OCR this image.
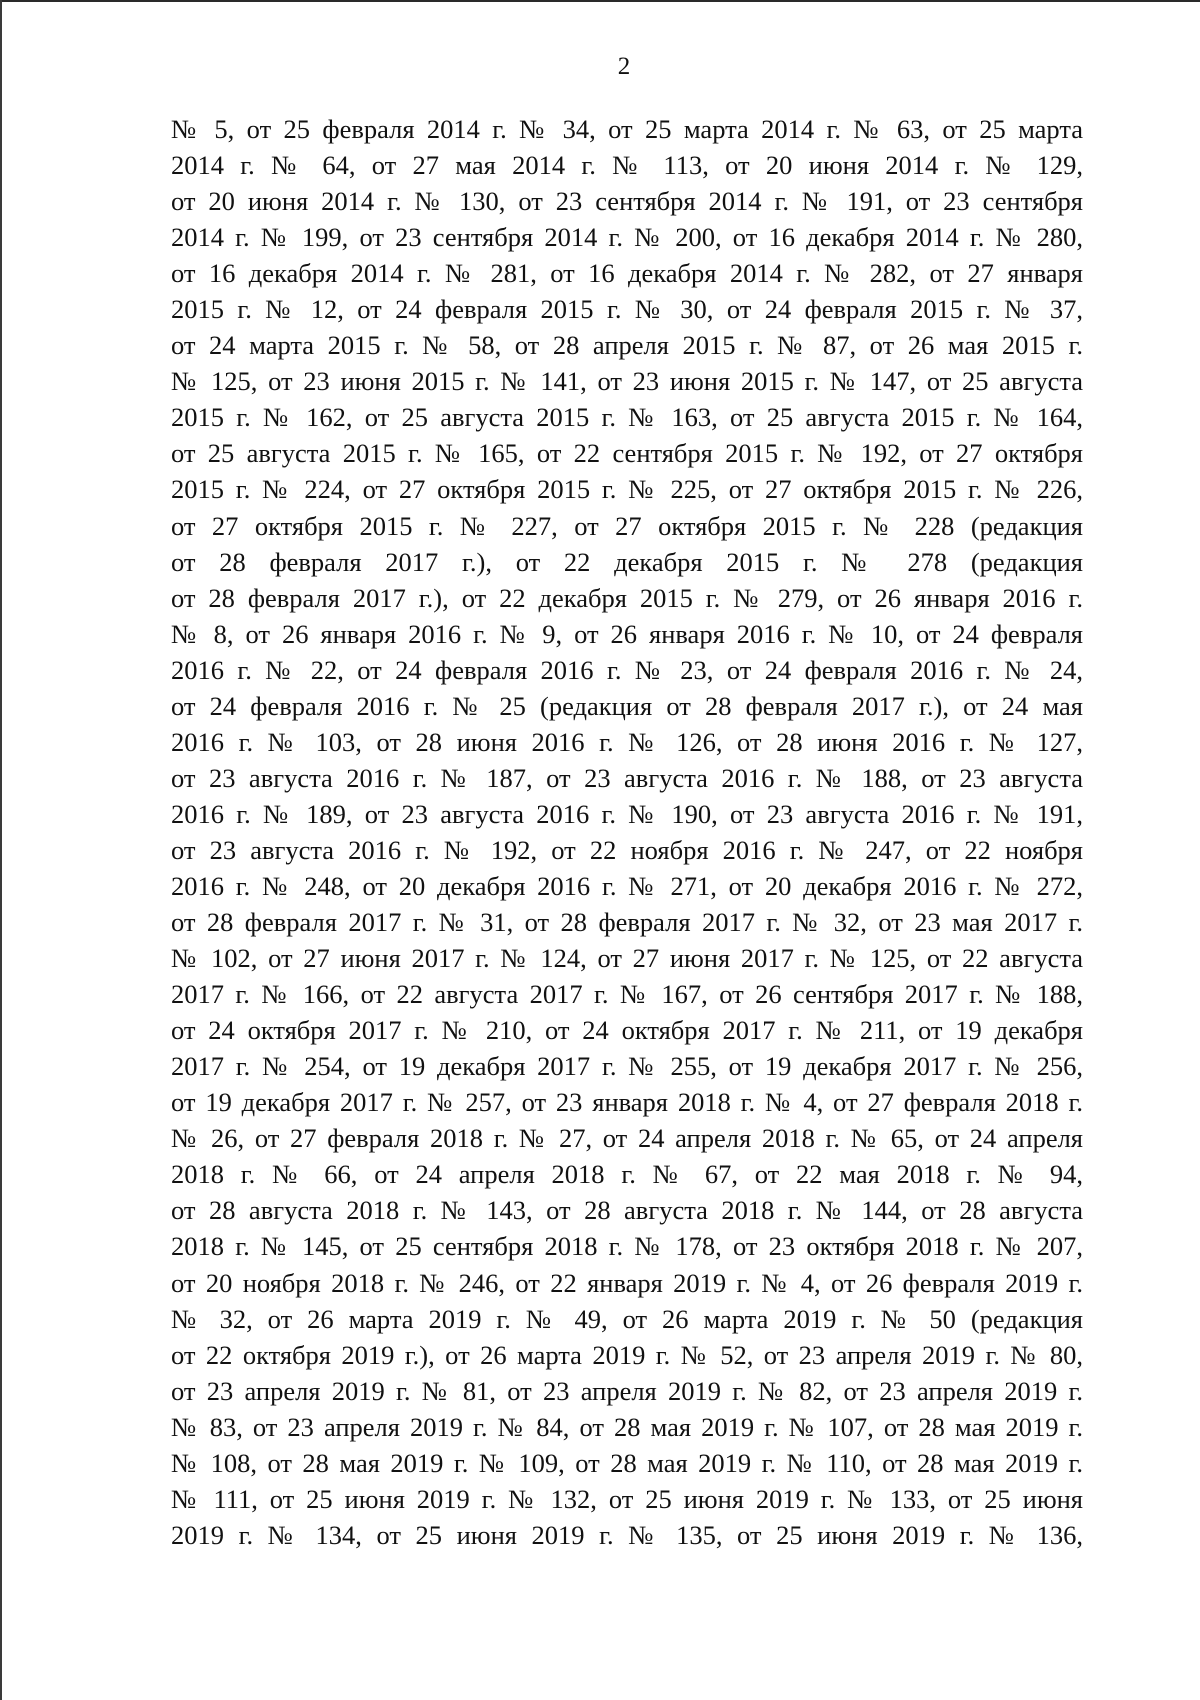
2
№ 5, от 25 февраля 2014 г. № 34, от 25 марта 2014 г. № 63, от 25 марта
2014 г. № 64, от 27 мая 2014 г. № 113, от 20 июня 2014 г. № 129,
от 20 июня 2014 г. № 130, от 23 сентября 2014 г. № 191, от 23 сентября
2014 г. № 199, от 23 сентября 2014 г. № 200, от 16 декабря 2014 г. № 280,
от 16 декабря 2014 г. № 281, от 16 декабря 2014 г. № 282, от 27 января
2015 г. № 12, от 24 февраля 2015 г. № 30, от 24 февраля 2015 г. № 37,
от 24 марта 2015 г. № 58, от 28 апреля 2015 г. № 87, от 26 мая 2015 г.
№ 125, от 23 июня 2015 г. № 141, от 23 июня 2015 г. № 147, от 25 августа
2015 г. № 162, от 25 августа 2015 г. № 163, от 25 августа 2015 г. № 164,
от 25 августа 2015 г. № 165, от 22 сентября 2015 г. № 192, от 27 октября
2015 г. № 224, от 27 октября 2015 г. № 225, от 27 октября 2015 г. № 226,
от 27 октября 2015 г. № 227, от 27 октября 2015 г. № 228 (редакция
от 28 февраля 2017 г.), от 22 декабря 2015 г. № 278 (редакция
от 28 февраля 2017 г.), от 22 декабря 2015 г. № 279, от 26 января 2016 г.
№ 8, от 26 января 2016 г. № 9, от 26 января 2016 г. № 10, от 24 февраля
2016 г. № 22, от 24 февраля 2016 г. № 23, от 24 февраля 2016 г. № 24,
от 24 февраля 2016 г. № 25 (редакция от 28 февраля 2017 г.), от 24 мая
2016 г. № 103, от 28 июня 2016 г. № 126, от 28 июня 2016 г. № 127,
от 23 августа 2016 г. № 187, от 23 августа 2016 г. № 188, от 23 августа
2016 г. № 189, от 23 августа 2016 г. № 190, от 23 августа 2016 г. № 191,
от 23 августа 2016 г. № 192, от 22 ноября 2016 г. № 247, от 22 ноября
2016 г. № 248, от 20 декабря 2016 г. № 271, от 20 декабря 2016 г. № 272,
от 28 февраля 2017 г. № 31, от 28 февраля 2017 г. № 32, от 23 мая 2017 г.
№ 102, от 27 июня 2017 г. № 124, от 27 июня 2017 г. № 125, от 22 августа
2017 г. № 166, от 22 августа 2017 г. № 167, от 26 сентября 2017 г. № 188,
от 24 октября 2017 г. № 210, от 24 октября 2017 г. № 211, от 19 декабря
2017 г. № 254, от 19 декабря 2017 г. № 255, от 19 декабря 2017 г. № 256,
от 19 декабря 2017 г. № 257, от 23 января 2018 г. № 4, от 27 февраля 2018 г.
№ 26, от 27 февраля 2018 г. № 27, от 24 апреля 2018 г. № 65, от 24 апреля
2018 г. № 66, от 24 апреля 2018 г. № 67, от 22 мая 2018 г. № 94,
от 28 августа 2018 г. № 143, от 28 августа 2018 г. № 144, от 28 августа
2018 г. № 145, от 25 сентября 2018 г. № 178, от 23 октября 2018 г. № 207,
от 20 ноября 2018 г. № 246, от 22 января 2019 г. № 4, от 26 февраля 2019 г.
№ 32, от 26 марта 2019 г. № 49, от 26 марта 2019 г. № 50 (редакция
от 22 октября 2019 г.), от 26 марта 2019 г. № 52, от 23 апреля 2019 г. № 80,
от 23 апреля 2019 г. № 81, от 23 апреля 2019 г. № 82, от 23 апреля 2019 г.
№ 83, от 23 апреля 2019 г. № 84, от 28 мая 2019 г. № 107, от 28 мая 2019 г.
№ 108, от 28 мая 2019 г. № 109, от 28 мая 2019 г. № 110, от 28 мая 2019 г.
№ 111, от 25 июня 2019 г. № 132, от 25 июня 2019 г. № 133, от 25 июня
2019 г. № 134, от 25 июня 2019 г. № 135, от 25 июня 2019 г. № 136,
